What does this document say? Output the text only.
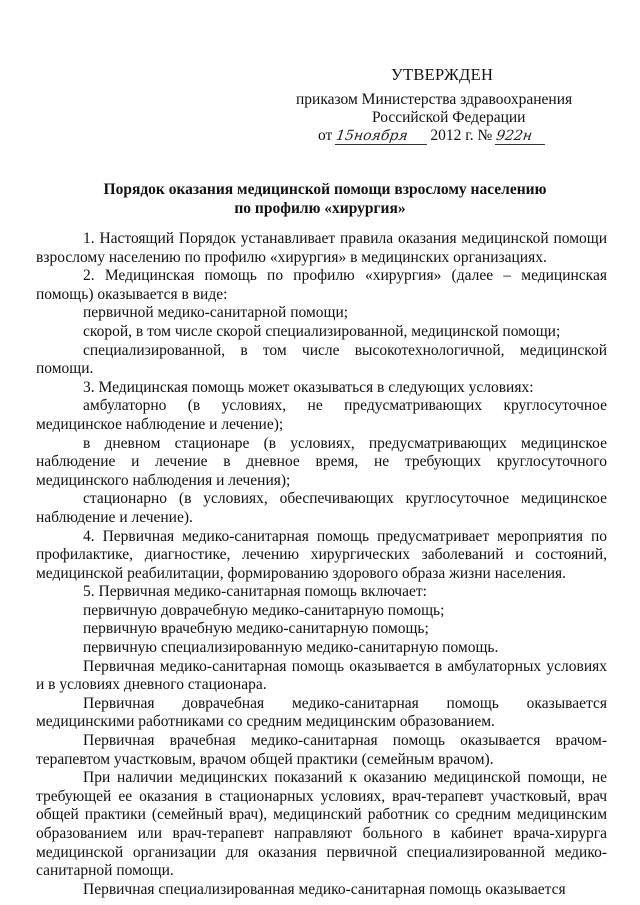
УТВЕРЖДЕН
приказом Министерства здравоохранения
Российской Федерации
от 15ноября 2012 г. № 922н
Порядок оказания медицинской помощи взрослому населению
по профилю «хирургия»

1. Настоящий Порядок устанавливает правила оказания медицинской помощи взрослому населению по профилю «хирургия» в медицинских организациях.

2. Медицинская помощь по профилю «хирургия» (далее – медицинская помощь) оказывается в виде:

первичной медико-санитарной помощи;

скорой, в том числе скорой специализированной, медицинской помощи;

специализированной, в том числе высокотехнологичной, медицинской помощи.

3. Медицинская помощь может оказываться в следующих условиях:

амбулаторно (в условиях, не предусматривающих круглосуточное медицинское наблюдение и лечение);

в дневном стационаре (в условиях, предусматривающих медицинское наблюдение и лечение в дневное время, не требующих круглосуточного медицинского наблюдения и лечения);

стационарно (в условиях, обеспечивающих круглосуточное медицинское наблюдение и лечение).

4. Первичная медико-санитарная помощь предусматривает мероприятия по профилактике, диагностике, лечению хирургических заболеваний и состояний, медицинской реабилитации, формированию здорового образа жизни населения.

5. Первичная медико-санитарная помощь включает:

первичную доврачебную медико-санитарную помощь;

первичную врачебную медико-санитарную помощь;

первичную специализированную медико-санитарную помощь.

Первичная медико-санитарная помощь оказывается в амбулаторных условиях и в условиях дневного стационара.

Первичная доврачебная медико-санитарная помощь оказывается медицинскими работниками со средним медицинским образованием.

Первичная врачебная медико-санитарная помощь оказывается врачом-терапевтом участковым, врачом общей практики (семейным врачом).

При наличии медицинских показаний к оказанию медицинской помощи, не требующей ее оказания в стационарных условиях, врач-терапевт участковый, врач общей практики (семейный врач), медицинский работник со средним медицинским образованием или врач-терапевт направляют больного в кабинет врача-хирурга медицинской организации для оказания первичной специализированной медико-санитарной помощи.

Первичная специализированная медико-санитарная помощь оказывается
